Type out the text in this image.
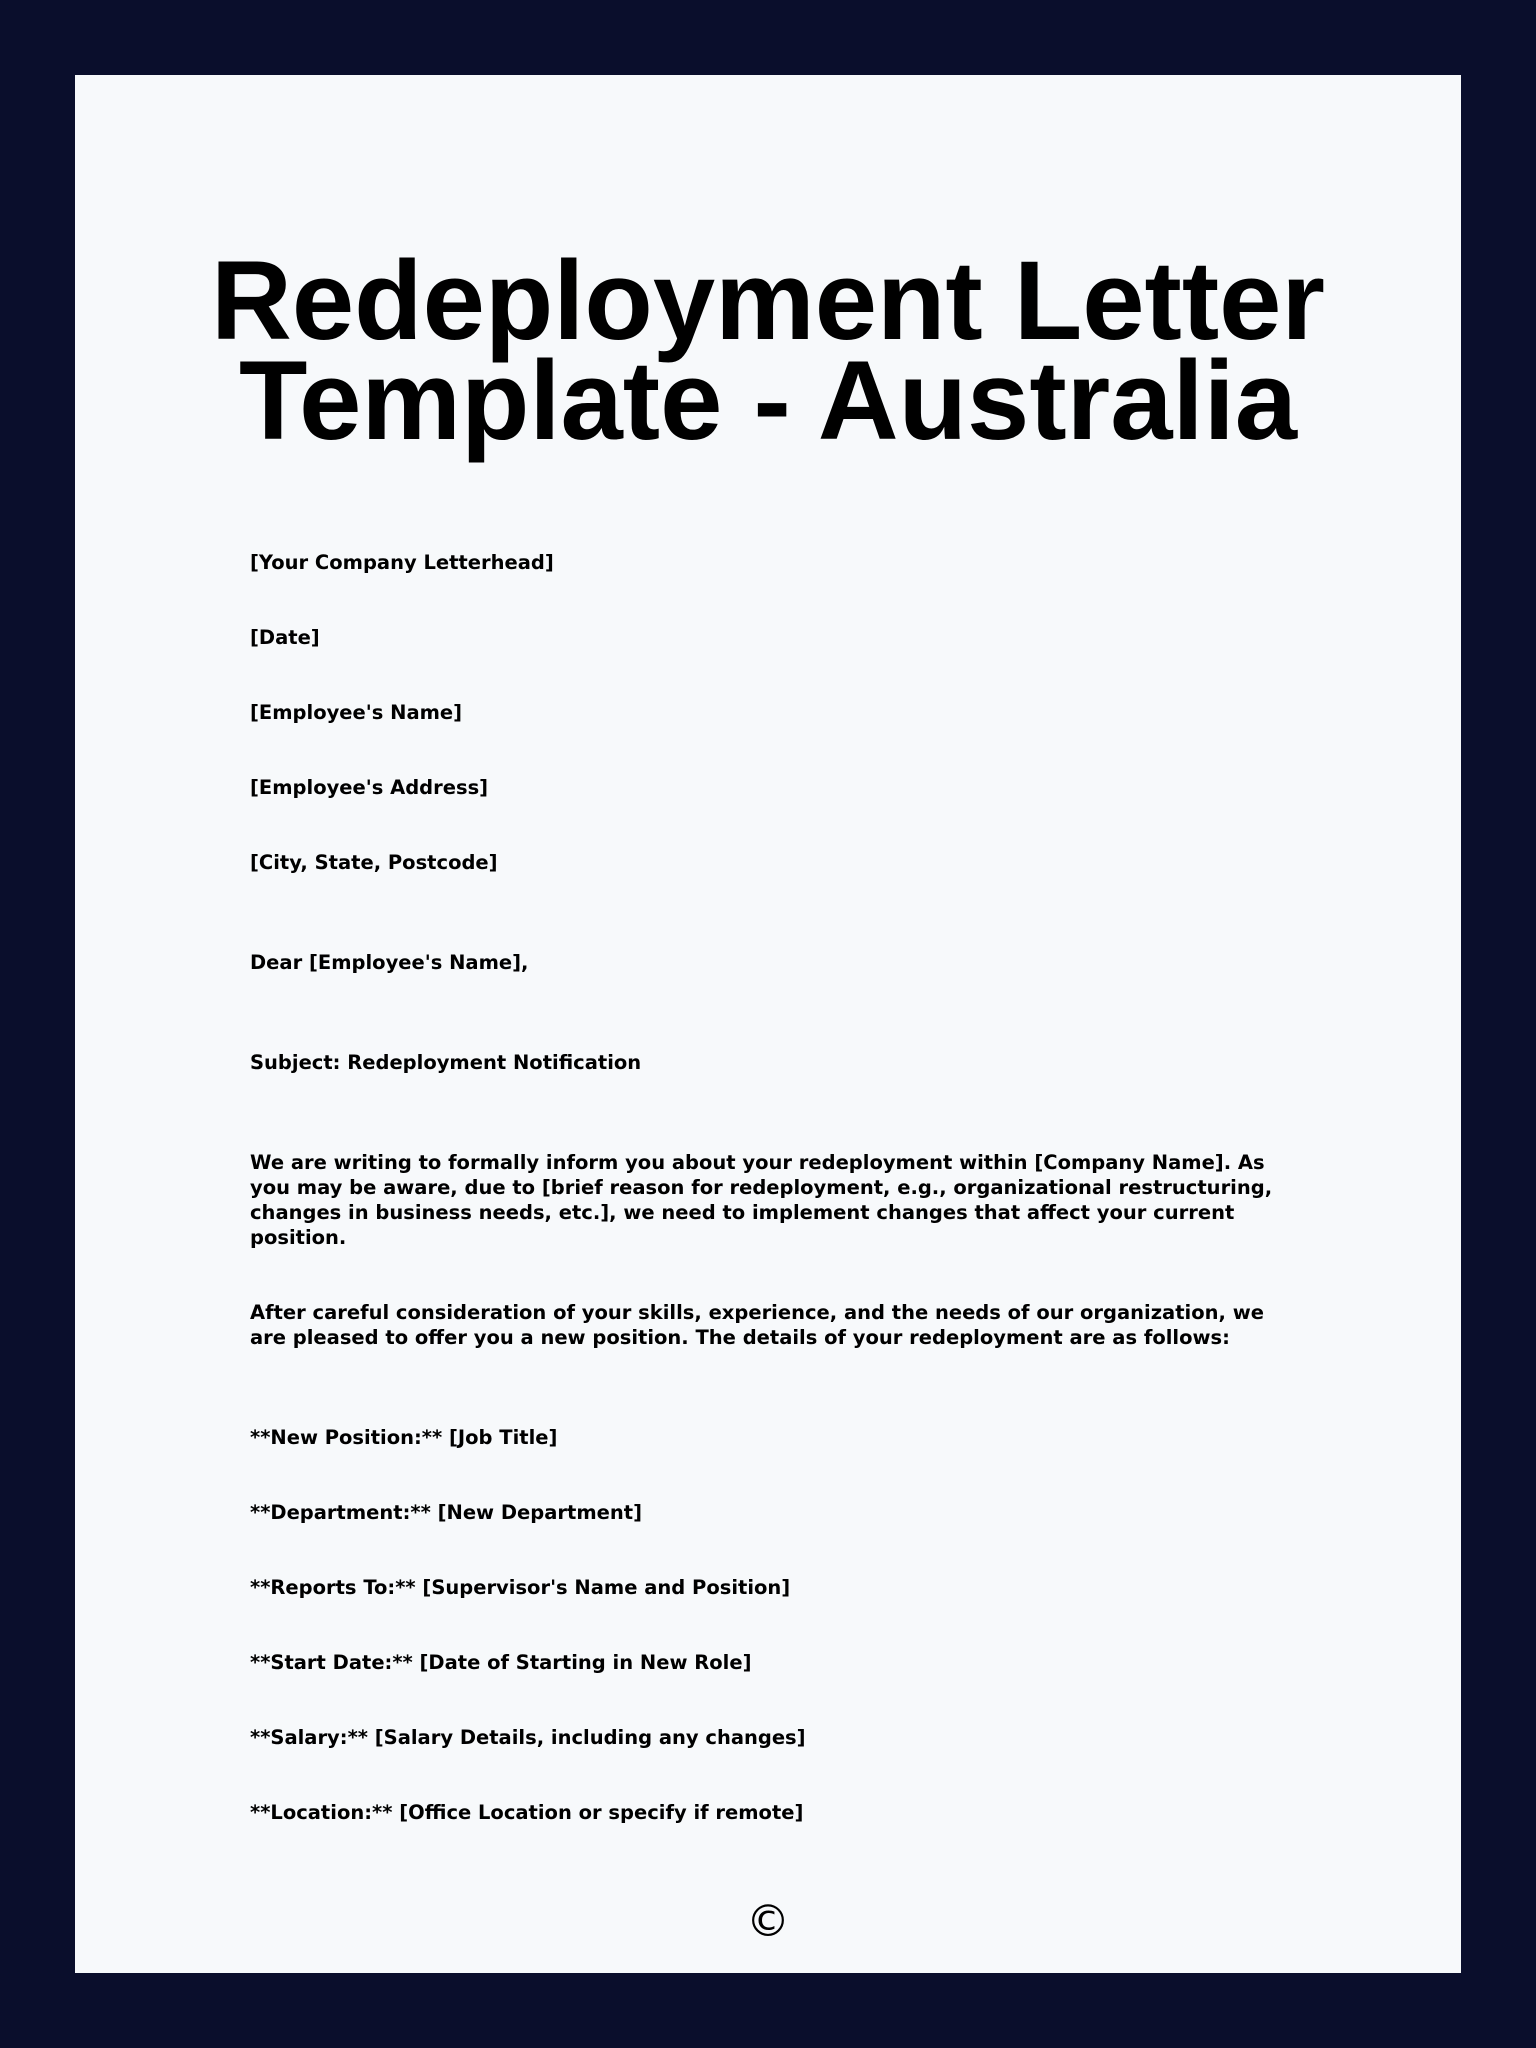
Redeployment Letter
Template - Australia

[Your Company Letterhead]

[Date]

[Employee's Name]

[Employee's Address]

[City, State, Postcode]

Dear [Employee's Name],

Subject: Redeployment Notification

We are writing to formally inform you about your redeployment within [Company Name]. As you may be aware, due to [brief reason for redeployment, e.g., organizational restructuring, changes in business needs, etc.], we need to implement changes that affect your current position.

After careful consideration of your skills, experience, and the needs of our organization, we are pleased to offer you a new position. The details of your redeployment are as follows:

**New Position:** [Job Title]

**Department:** [New Department]

**Reports To:** [Supervisor's Name and Position]

**Start Date:** [Date of Starting in New Role]

**Salary:** [Salary Details, including any changes]

**Location:** [Office Location or specify if remote]

©
